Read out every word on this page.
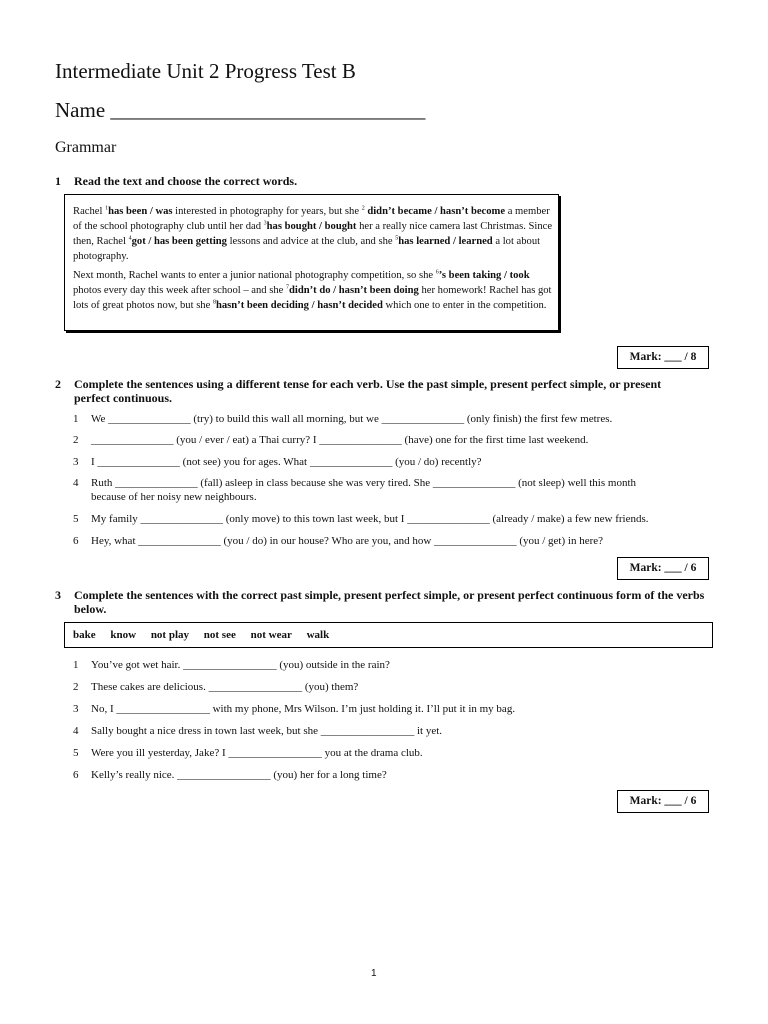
Intermediate Unit 2 Progress Test B
Name ______________________________
Grammar
1 Read the text and choose the correct words.

Rachel $^1$has been / was interested in photography for years, but she $^2$ didn’t became / hasn’t become a member of the school photography club until her dad $^3$has bought / bought her a really nice camera last Christmas. Since then, Rachel $^4$got / has been getting lessons and advice at the club, and she $^5$has learned / learned a lot about photography.

Next month, Rachel wants to enter a junior national photography competition, so she $^6$’s been taking / took photos every day this week after school – and she $^7$didn’t do / hasn’t been doing her homework! Rachel has got lots of great photos now, but she $^8$hasn’t been deciding / hasn’t decided which one to enter in the competition.

Mark: ___ / 8
2 Complete the sentences using a different tense for each verb. Use the past simple, present perfect simple, or present perfect continuous.
1 We _______________ (try) to build this wall all morning, but we _______________ (only finish) the first few metres.
2 _______________ (you / ever / eat) a Thai curry? I _______________ (have) one for the first time last weekend.
3 I _______________ (not see) you for ages. What _______________ (you / do) recently?
4 Ruth _______________ (fall) asleep in class because she was very tired. She _______________ (not sleep) well this month
because of her noisy new neighbours.
5 My family _______________ (only move) to this town last week, but I _______________ (already / make) a few new friends.
6 Hey, what _______________ (you / do) in our house? Who are you, and how _______________ (you / get) in here?
Mark: ___ / 6
3 Complete the sentences with the correct past simple, present perfect simple, or present perfect continuous form of the verbs below.
bake know not play not see not wear walk
1 You’ve got wet hair. _________________ (you) outside in the rain?
2 These cakes are delicious. _________________ (you) them?
3 No, I _________________ with my phone, Mrs Wilson. I’m just holding it. I’ll put it in my bag.
4 Sally bought a nice dress in town last week, but she _________________ it yet.
5 Were you ill yesterday, Jake? I _________________ you at the drama club.
6 Kelly’s really nice. _________________ (you) her for a long time?
Mark: ___ / 6
1
